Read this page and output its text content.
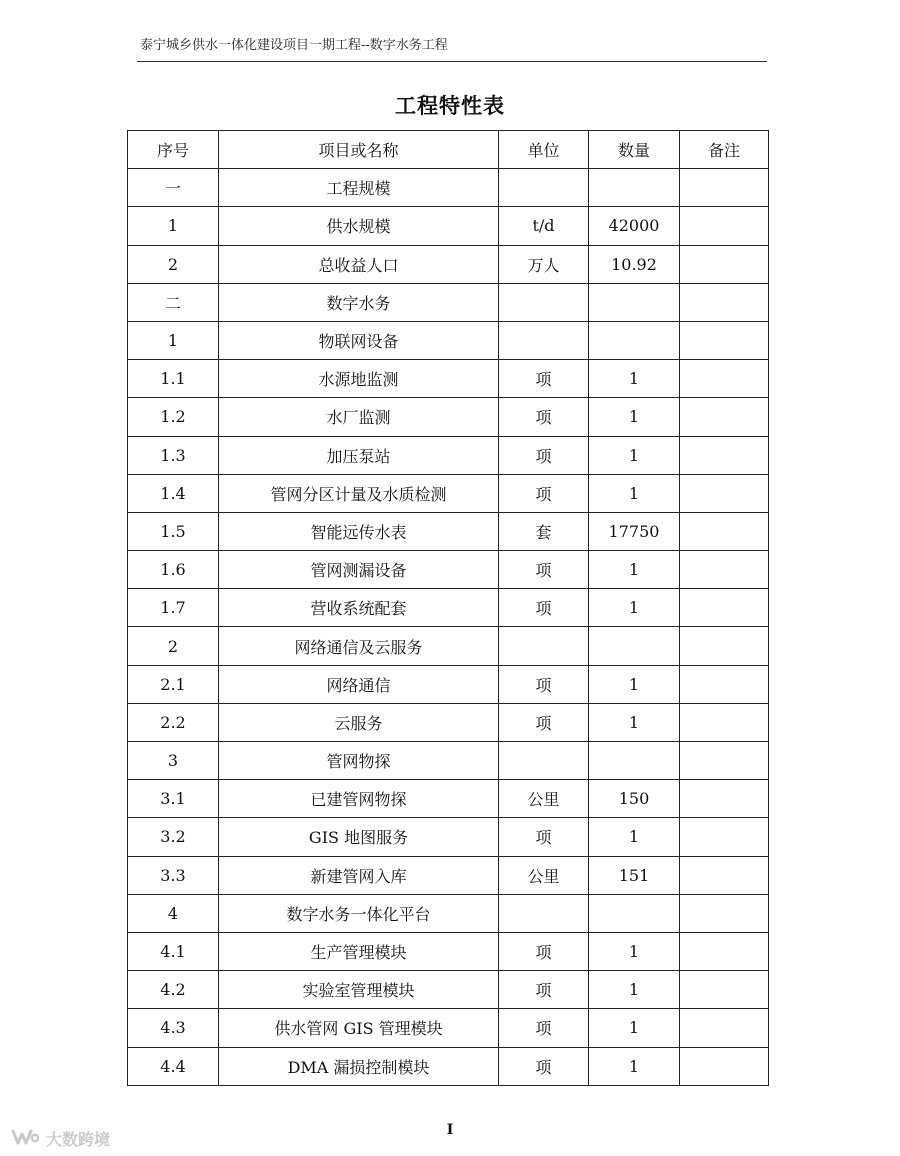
泰宁城乡供水一体化建设项目一期工程--数字水务工程
工程特性表
序号	项目或名称	单位	数量	备注
一	工程规模			
1	供水规模	t/d	42000	
2	总收益人口	万人	10.92	
二	数字水务			
1	物联网设备			
1.1	水源地监测	项	1	
1.2	水厂监测	项	1	
1.3	加压泵站	项	1	
1.4	管网分区计量及水质检测	项	1	
1.5	智能远传水表	套	17750	
1.6	管网测漏设备	项	1	
1.7	营收系统配套	项	1	
2	网络通信及云服务			
2.1	网络通信	项	1	
2.2	云服务	项	1	
3	管网物探			
3.1	已建管网物探	公里	150	
3.2	GIS 地图服务	项	1	
3.3	新建管网入库	公里	151	
4	数字水务一体化平台			
4.1	生产管理模块	项	1	
4.2	实验室管理模块	项	1	
4.3	供水管网 GIS 管理模块	项	1	
4.4	DMA 漏损控制模块	项	1	
I
大数跨境
